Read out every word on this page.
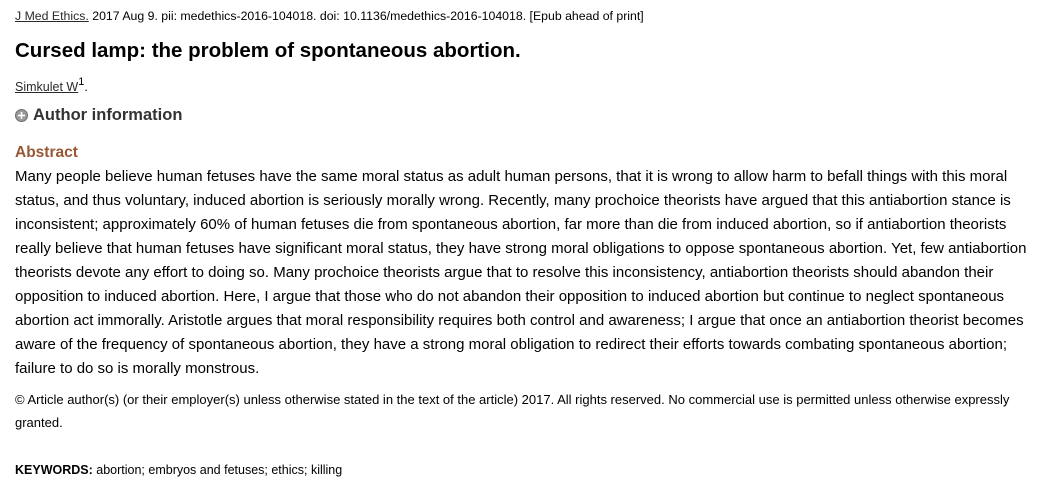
J Med Ethics. 2017 Aug 9. pii: medethics-2016-104018. doi: 10.1136/medethics-2016-104018. [Epub ahead of print]
Cursed lamp: the problem of spontaneous abortion.
Simkulet $W^1$.
Author information
Abstract

Many people believe human fetuses have the same moral status as adult human persons, that it is wrong to allow harm to befall things with this moral status, and thus voluntary, induced abortion is seriously morally wrong. Recently, many prochoice theorists have argued that this antiabortion stance is inconsistent; approximately 60% of human fetuses die from spontaneous abortion, far more than die from induced abortion, so if antiabortion theorists really believe that human fetuses have significant moral status, they have strong moral obligations to oppose spontaneous abortion. Yet, few antiabortion theorists devote any effort to doing so. Many prochoice theorists argue that to resolve this inconsistency, antiabortion theorists should abandon their opposition to induced abortion. Here, I argue that those who do not abandon their opposition to induced abortion but continue to neglect spontaneous abortion act immorally. Aristotle argues that moral responsibility requires both control and awareness; I argue that once an antiabortion theorist becomes aware of the frequency of spontaneous abortion, they have a strong moral obligation to redirect their efforts towards combating spontaneous abortion; failure to do so is morally monstrous.

© Article author(s) (or their employer(s) unless otherwise stated in the text of the article) 2017. All rights reserved. No commercial use is permitted unless otherwise expressly granted.

KEYWORDS: abortion; embryos and fetuses; ethics; killing
